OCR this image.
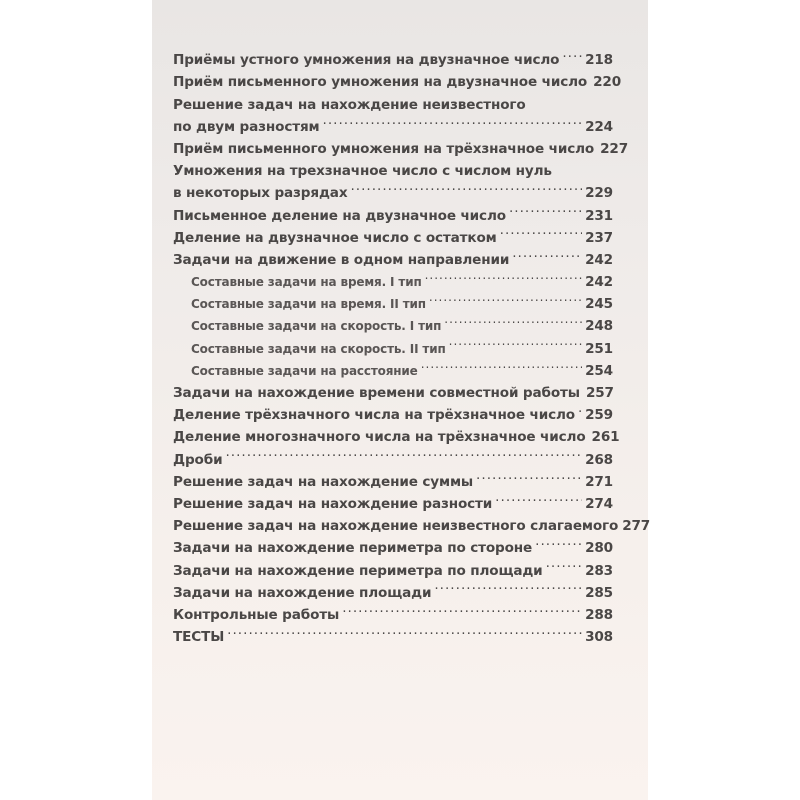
Приёмы устного умножения на двузначное число ..... 218
Приём письменного умножения на двузначное число 220
Решение задач на нахождение неизвестного
по двум разностям .....	224
Приём письменного умножения на трёхзначное число 227
Умножения на трехзначное число с числом нуль
в некоторых разрядах .....	229
Письменное деление на двузначное число .....	231
Деление на двузначное число с остатком .....	237
Задачи на движение в одном направлении .....	242
Составные задачи на время. I тип .....	242
Составные задачи на время. II тип .....	245
Составные задачи на скорость. I тип .....	248
Составные задачи на скорость. II тип .....	251
Составные задачи на расстояние .....	254
Задачи на нахождение времени совместной работы 257
Деление трёхзначного числа на трёхзначное число ..... 259
Деление многозначного числа на трёхзначное число 261
Дроби .....	268
Решение задач на нахождение суммы .....	271
Решение задач на нахождение разности .....	274
Решение задач на нахождение неизвестного слагаемого 277
Задачи на нахождение периметра по стороне .....	280
Задачи на нахождение периметра по площади .....	283
Задачи на нахождение площади .....	285
Контрольные работы .....	288
ТЕСТЫ .....	308
